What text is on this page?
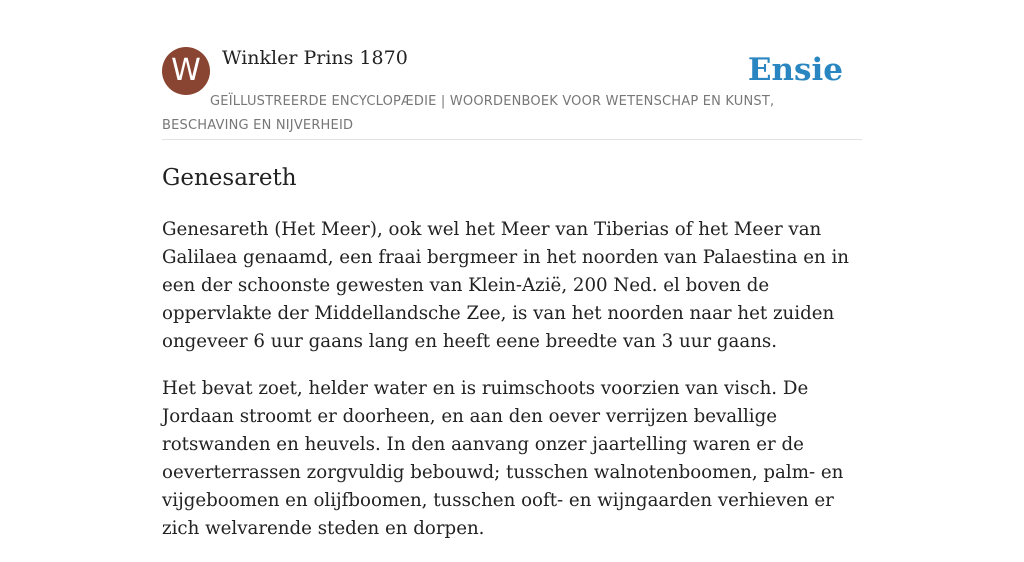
W	Winkler Prins 1870	Ensie
GEÏLLUSTREERDE ENCYCLOPÆDIE | WOORDENBOEK VOOR WETENSCHAP EN KUNST, BESCHAVING EN NIJVERHEID
Genesareth

Genesareth (Het Meer), ook wel het Meer van Tiberias of het Meer van Galilaea genaamd, een fraai bergmeer in het noorden van Palaestina en in een der schoonste gewesten van Klein-Azië, 200 Ned. el boven de oppervlakte der Middellandsche Zee, is van het noorden naar het zuiden ongeveer 6 uur gaans lang en heeft eene breedte van 3 uur gaans.

Het bevat zoet, helder water en is ruimschoots voorzien van visch. De Jordaan stroomt er doorheen, en aan den oever verrijzen bevallige rotswanden en heuvels. In den aanvang onzer jaartelling waren er de oeverterrassen zorgvuldig bebouwd; tusschen walnotenboomen, palm- en vijgeboomen en olijfboomen, tusschen ooft- en wijngaarden verhieven er zich welvarende steden en dorpen.
